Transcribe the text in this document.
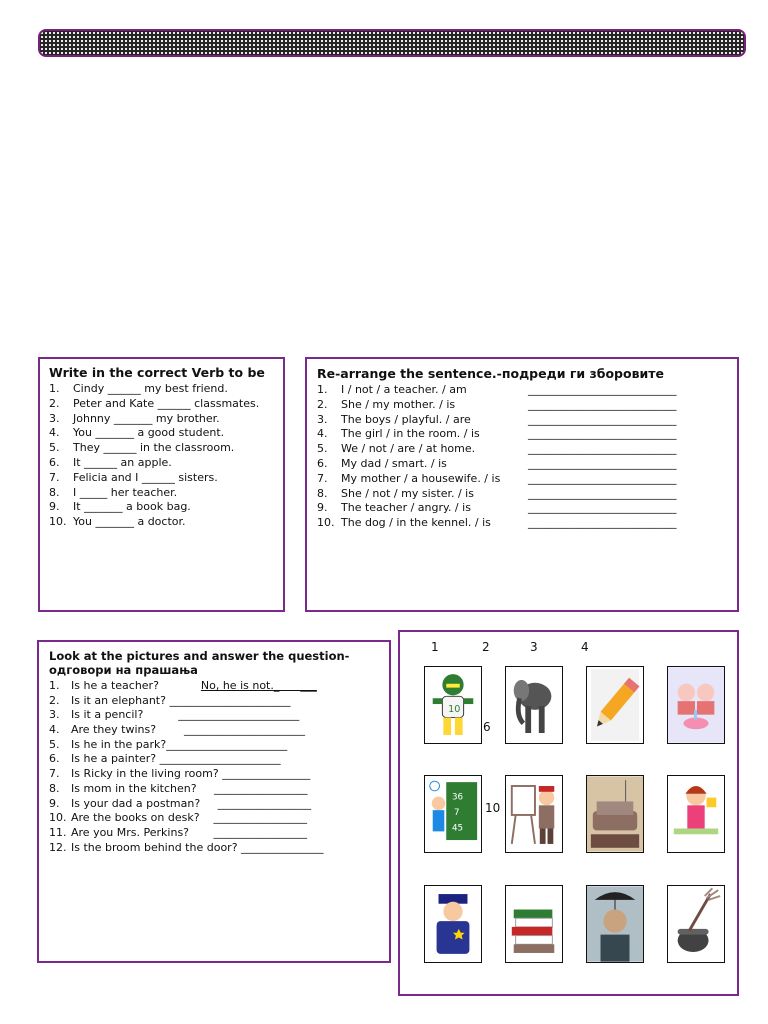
Write in the correct Verb to be
1.	Cindy ______ my best friend.
2.	Peter and Kate ______ classmates.
3.	Johnny _______ my brother.
4.	You _______ a good student.
5.	They ______ in the classroom.
6.	It ______ an apple.
7.	Felicia and I ______ sisters.
8.	I _____ her teacher.
9.	It _______ a book bag.
10. You _______ a doctor.
Re-arrange the sentence.-подреди ги зборовите
1.	I / not / a teacher. / am	___________________________
2.	She / my mother. / is	___________________________
3.	The boys / playful. / are	___________________________
4.	The girl / in the room. / is	___________________________
5.	We / not / are / at home.	___________________________
6.	My dad / smart. / is	___________________________
7.	My mother / a housewife. / is	___________________________
8.	She / not / my sister. / is	___________________________
9.	The teacher / angry. / is	___________________________
10. The dog / in the kennel. / is	___________________________
Look at the pictures and answer the question-одговори на прашања
1.	Is he a teacher? No, he is not._      ___
2.	Is it an elephant? ______________________
3.	Is it a pencil?          ______________________
4.	Are they twins?        ______________________
5.	Is he in the park?______________________
6.	Is he a painter? ______________________
7.	Is Ricky in the living room? ________________
8.	Is mom in the kitchen?     _________________
9.	Is your dad a postman?     _________________
10. Are the books on desk?    _________________
11. Are you Mrs. Perkins?       _________________
12. Is the broom behind the door? _______________
1	2	3	4
6
10
10
36
7
45
